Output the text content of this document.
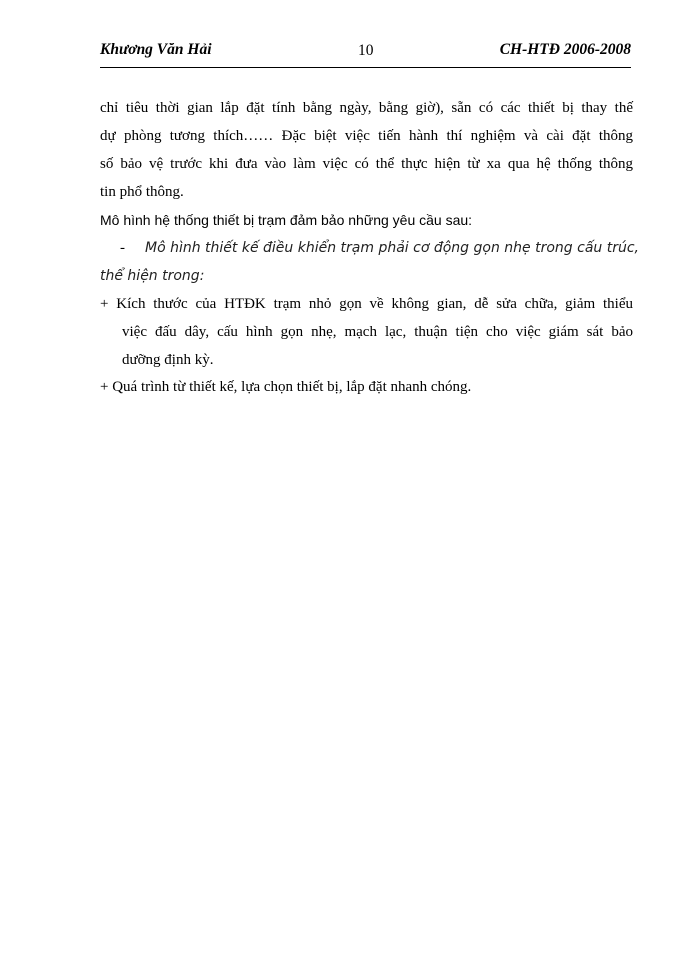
Khương Văn Hải	10	CH-HTĐ 2006-2008
chỉ tiêu thời gian lắp đặt tính bằng ngày, bằng giờ), sẵn có các thiết bị thay thế
dự phòng tương thích…… Đặc biệt việc tiến hành thí nghiệm và cài đặt thông
số bảo vệ trước khi đưa vào làm việc có thể thực hiện từ xa qua hệ thống thông
tin phổ thông.
Mô hình hệ thống thiết bị trạm đảm bảo những yêu cầu sau:
- Mô hình thiết kế điều khiển trạm phải cơ động gọn nhẹ trong cấu trúc,
thể hiện trong:
+ Kích thước của HTĐK trạm nhỏ gọn về không gian, dễ sửa chữa, giảm thiểu
việc đấu dây, cấu hình gọn nhẹ, mạch lạc, thuận tiện cho việc giám sát bảo
dưỡng định kỳ.
+ Quá trình từ thiết kế, lựa chọn thiết bị, lắp đặt nhanh chóng.
